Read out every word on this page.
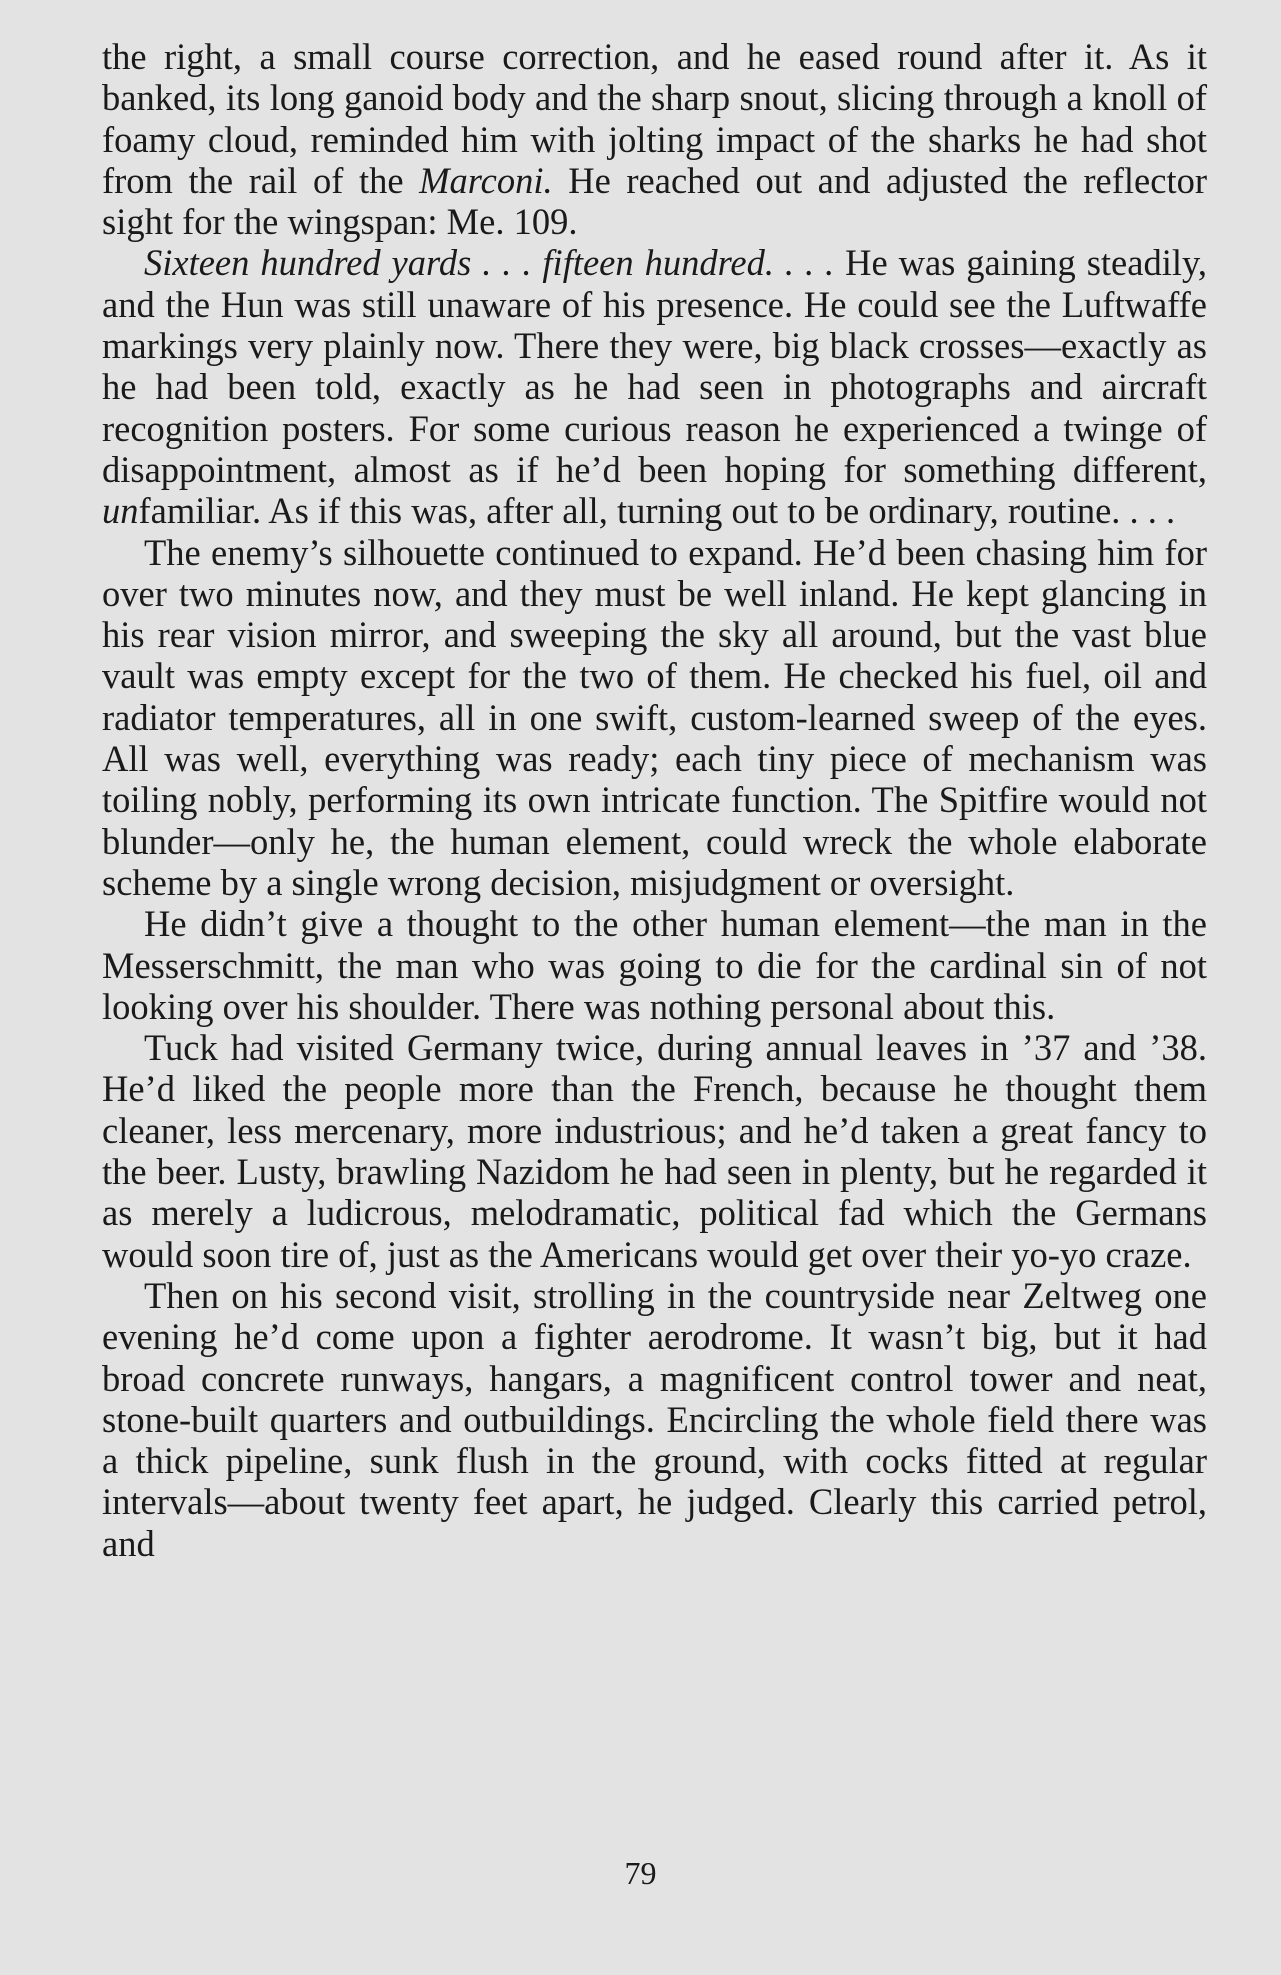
the right, a small course correction, and he eased round after it. As it banked, its long ganoid body and the sharp snout, slicing through a knoll of foamy cloud, reminded him with jolting impact of the sharks he had shot from the rail of the Marconi. He reached out and adjusted the reflector sight for the wingspan: Me. 109.

Sixteen hundred yards . . . fifteen hundred. . . . He was gaining steadily, and the Hun was still unaware of his presence. He could see the Luftwaffe markings very plainly now. There they were, big black crosses—exactly as he had been told, exactly as he had seen in photographs and aircraft recognition posters. For some curious reason he experienced a twinge of disappointment, almost as if he’d been hoping for something different, unfamiliar. As if this was, after all, turning out to be ordinary, routine. . . .

The enemy’s silhouette continued to expand. He’d been chasing him for over two minutes now, and they must be well inland. He kept glancing in his rear vision mirror, and sweeping the sky all around, but the vast blue vault was empty except for the two of them. He checked his fuel, oil and radiator temperatures, all in one swift, custom-learned sweep of the eyes. All was well, everything was ready; each tiny piece of mechanism was toiling nobly, performing its own intricate function. The Spitfire would not blunder—only he, the human element, could wreck the whole elaborate scheme by a single wrong decision, misjudgment or oversight.

He didn’t give a thought to the other human element—the man in the Messerschmitt, the man who was going to die for the cardinal sin of not looking over his shoulder. There was nothing personal about this.

Tuck had visited Germany twice, during annual leaves in ’37 and ’38. He’d liked the people more than the French, because he thought them cleaner, less mercenary, more industrious; and he’d taken a great fancy to the beer. Lusty, brawling Nazidom he had seen in plenty, but he regarded it as merely a ludicrous, melodramatic, political fad which the Germans would soon tire of, just as the Americans would get over their yo-yo craze.

Then on his second visit, strolling in the countryside near Zeltweg one evening he’d come upon a fighter aerodrome. It wasn’t big, but it had broad concrete runways, hangars, a magnificent control tower and neat, stone-built quarters and outbuildings. Encircling the whole field there was a thick pipeline, sunk flush in the ground, with cocks fitted at regular intervals—about twenty feet apart, he judged. Clearly this carried petrol, and

79
